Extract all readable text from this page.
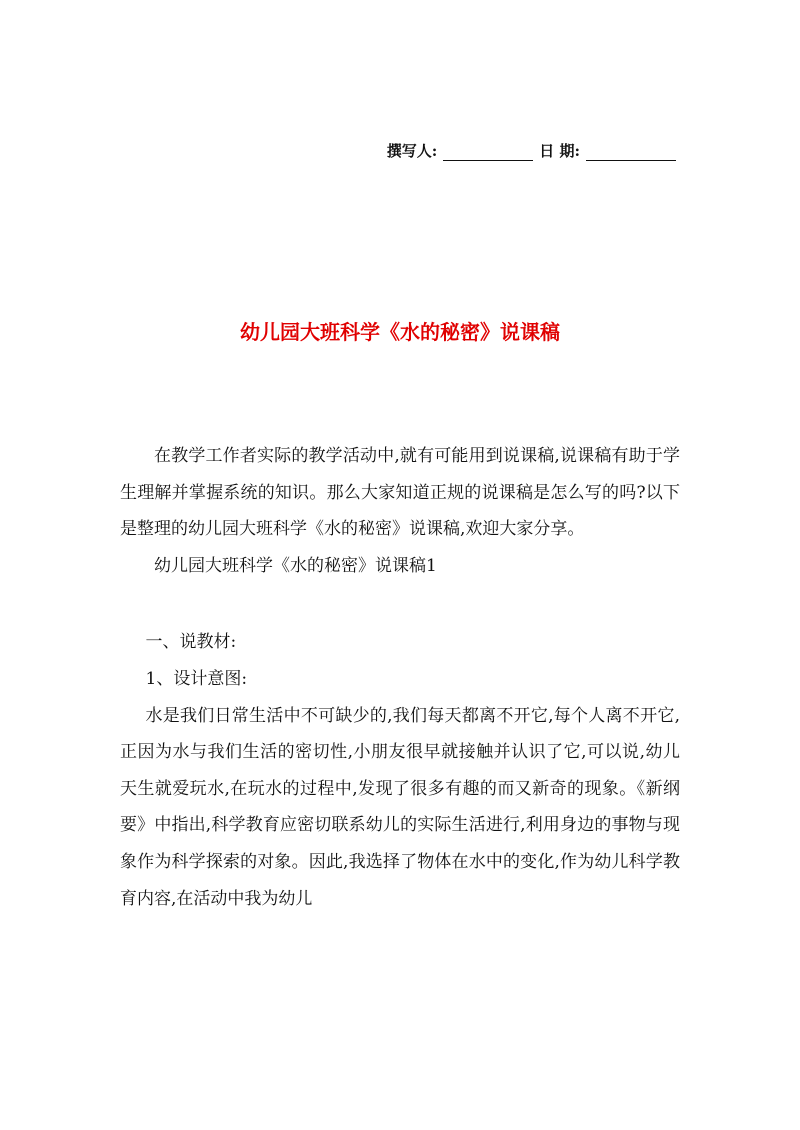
撰写人:	日 期:
幼儿园大班科学《水的秘密》说课稿

在教学工作者实际的教学活动中,就有可能用到说课稿,说课稿有助于学生理解并掌握系统的知识。那么大家知道正规的说课稿是怎么写的吗?以下是整理的幼儿园大班科学《水的秘密》说课稿,欢迎大家分享。

幼儿园大班科学《水的秘密》说课稿1

一、说教材:

1、设计意图:

水是我们日常生活中不可缺少的,我们每天都离不开它,每个人离不开它,正因为水与我们生活的密切性,小朋友很早就接触并认识了它,可以说,幼儿天生就爱玩水,在玩水的过程中,发现了很多有趣的而又新奇的现象。《新纲要》中指出,科学教育应密切联系幼儿的实际生活进行,利用身边的事物与现象作为科学探索的对象。因此,我选择了物体在水中的变化,作为幼儿科学教育内容,在活动中我为幼儿
